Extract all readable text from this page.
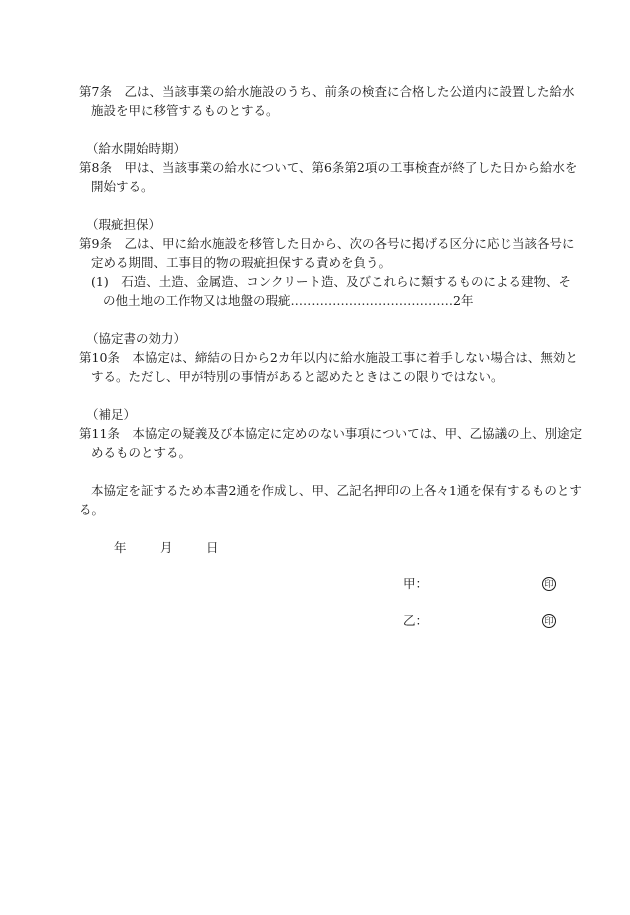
第7条　乙は、当該事業の給水施設のうち、前条の検査に合格した公道内に設置した給水
施設を甲に移管するものとする。
（給水開始時期）
第8条　甲は、当該事業の給水について、第6条第2項の工事検査が終了した日から給水を
開始する。
（瑕疵担保）
第9条　乙は、甲に給水施設を移管した日から、次の各号に掲げる区分に応じ当該各号に
定める期間、工事目的物の瑕疵担保する責めを負う。
(1)　石造、土造、金属造、コンクリート造、及びこれらに類するものによる建物、そ
の他土地の工作物又は地盤の瑕疵…………………………………2年
（協定書の効力）
第10条　本協定は、締結の日から2カ年以内に給水施設工事に着手しない場合は、無効と
する。ただし、甲が特別の事情があると認めたときはこの限りではない。
（補足）
第11条　本協定の疑義及び本協定に定めのない事項については、甲、乙協議の上、別途定
めるものとする。
本協定を証するため本書2通を作成し、甲、乙記名押印の上各々1通を保有するものとす
る。
年	月	日
甲：	印
乙：	印
